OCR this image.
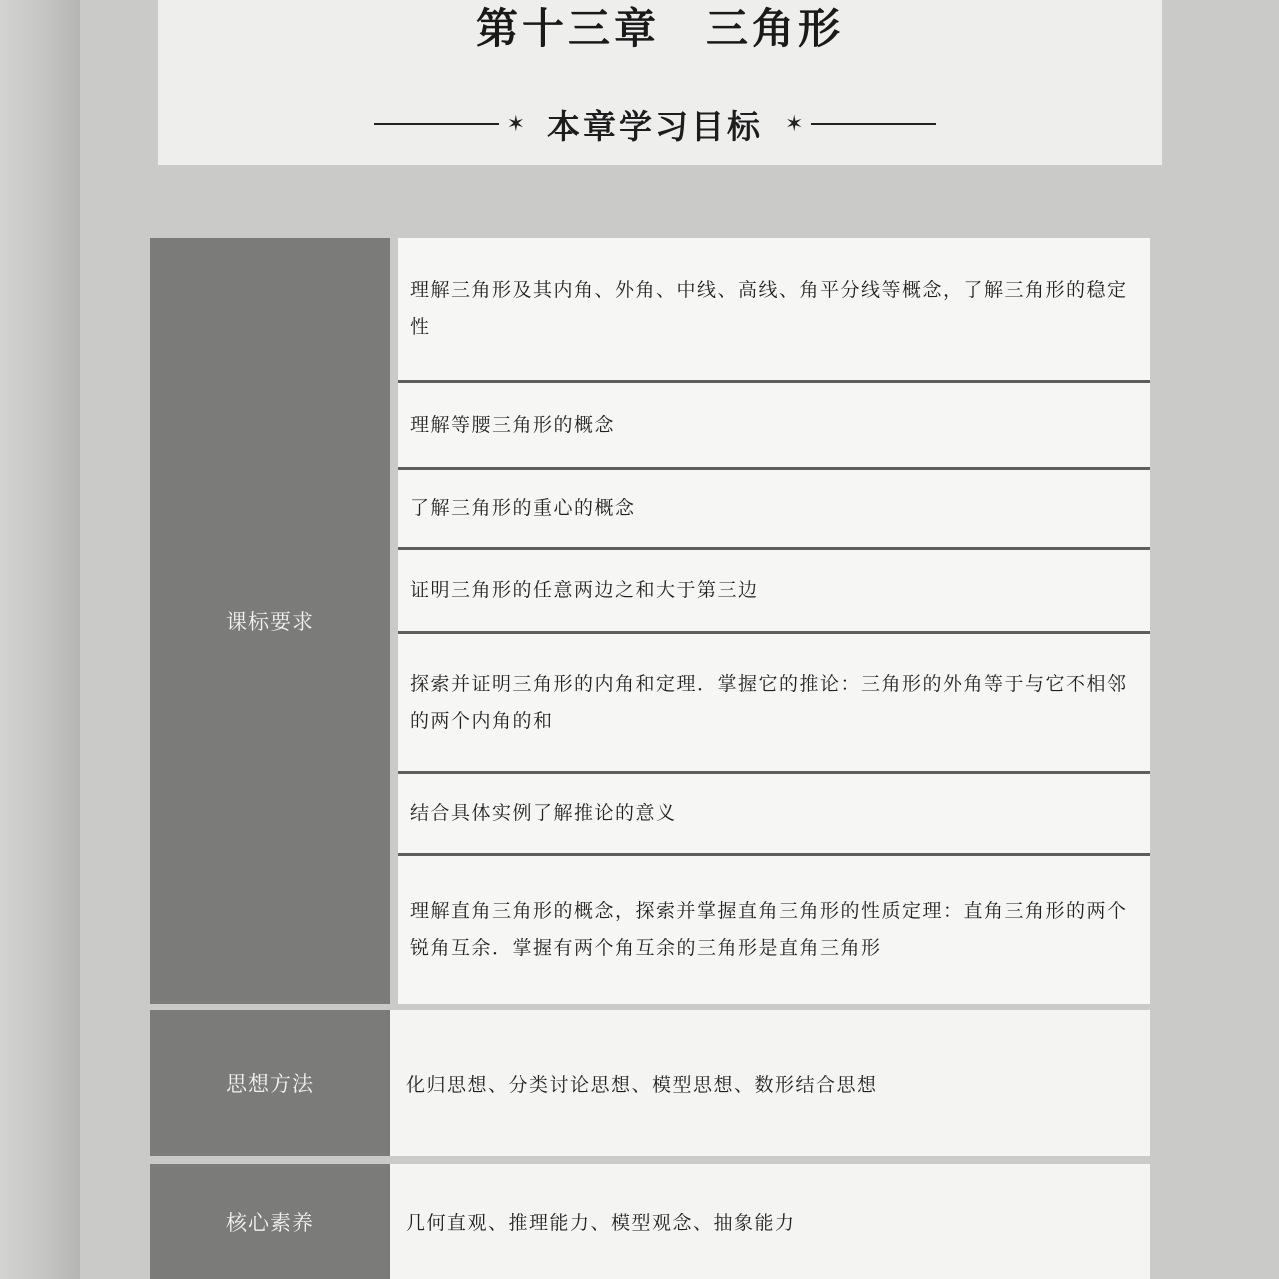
第十三章　三角形
✶ 本章学习目标 ✶
课标要求
理解三角形及其内角、外角、中线、高线、角平分线等概念，了解三角形的稳定性
理解等腰三角形的概念
了解三角形的重心的概念
证明三角形的任意两边之和大于第三边
探索并证明三角形的内角和定理．掌握它的推论：三角形的外角等于与它不相邻的两个内角的和
结合具体实例了解推论的意义
理解直角三角形的概念，探索并掌握直角三角形的性质定理：直角三角形的两个锐角互余．掌握有两个角互余的三角形是直角三角形
思想方法	化归思想、分类讨论思想、模型思想、数形结合思想
核心素养	几何直观、推理能力、模型观念、抽象能力
